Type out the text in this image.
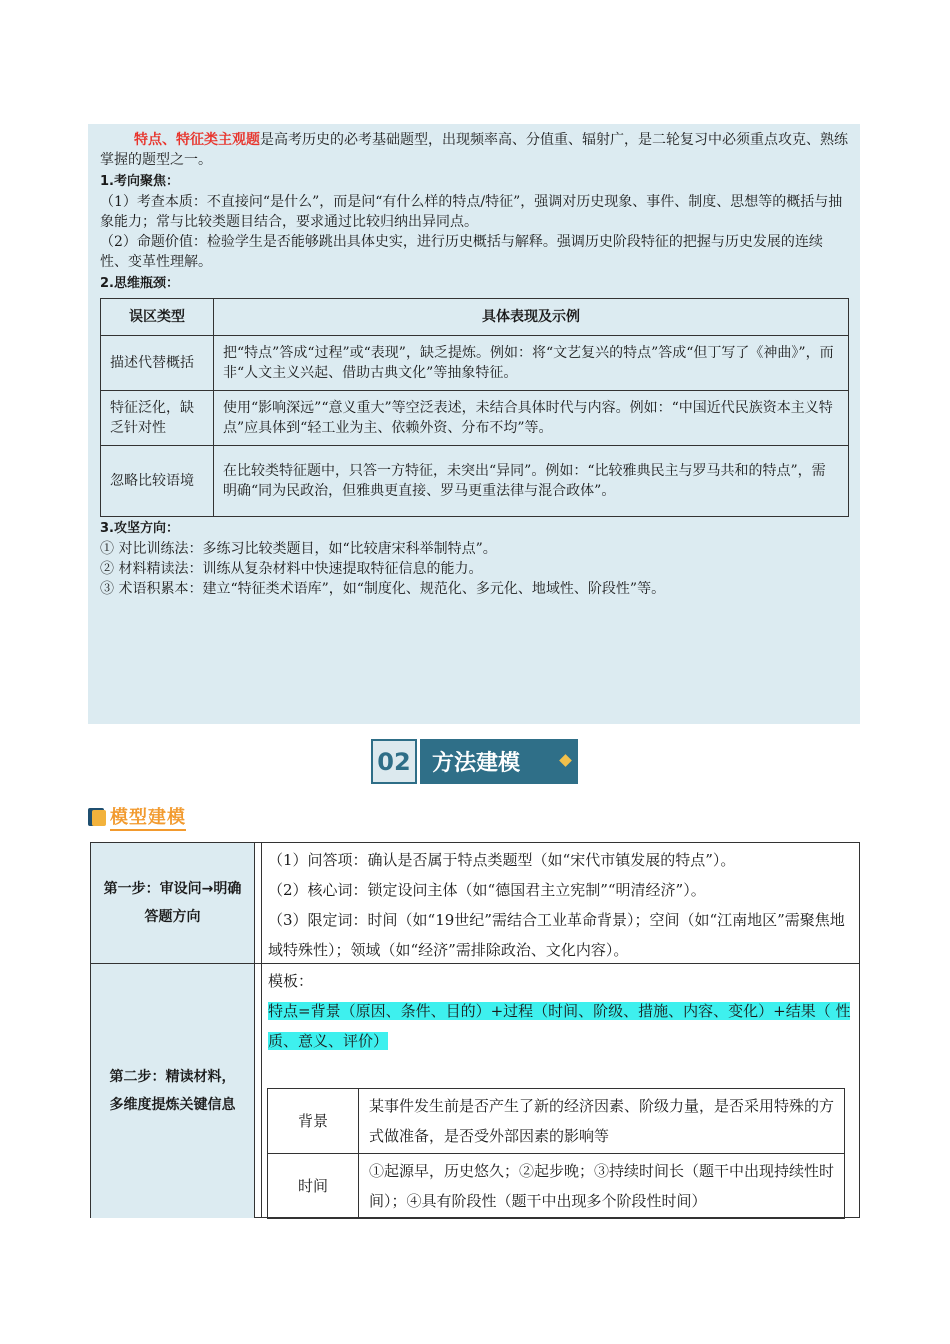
特点、特征类主观题是高考历史的必考基础题型，出现频率高、分值重、辐射广，是二轮复习中必须重点攻克、熟练掌握的题型之一。

1.考向聚焦：

（1）考查本质：不直接问“是什么”，而是问“有什么样的特点/特征”，强调对历史现象、事件、制度、思想等的概括与抽象能力；常与比较类题目结合，要求通过比较归纳出异同点。

（2）命题价值：检验学生是否能够跳出具体史实，进行历史概括与解释。强调历史阶段特征的把握与历史发展的连续性、变革性理解。

2.思维瓶颈：

误区类型	具体表现及示例
描述代替概括	把“特点”答成“过程”或“表现”，缺乏提炼。例如：将“文艺复兴的特点”答成“但丁写了《神曲》”，而非“人文主义兴起、借助古典文化”等抽象特征。
特征泛化，缺乏针对性	使用“影响深远”“意义重大”等空泛表述，未结合具体时代与内容。例如：“中国近代民族资本主义特点”应具体到“轻工业为主、依赖外资、分布不均”等。
忽略比较语境	在比较类特征题中，只答一方特征，未突出“异同”。例如：“比较雅典民主与罗马共和的特点”，需明确“同为民政治，但雅典更直接、罗马更重法律与混合政体”。

3.攻坚方向：

① 对比训练法：多练习比较类题目，如“比较唐宋科举制特点”。

② 材料精读法：训练从复杂材料中快速提取特征信息的能力。

③ 术语积累本：建立“特征类术语库”，如“制度化、规范化、多元化、地域性、阶段性”等。

02 方法建模
模型建模
第一步：审设问→明确答题方向

（1）问答项：确认是否属于特点类题型（如“宋代市镇发展的特点”）。

（2）核心词：锁定设问主体（如“德国君主立宪制”“明清经济”）。

（3）限定词：时间（如“19世纪”需结合工业革命背景）；空间（如“江南地区”需聚焦地域特殊性）；领域（如“经济”需排除政治、文化内容）。

第二步：精读材料，多维度提炼关键信息

模板：

特点=背景（原因、条件、目的）+过程（时间、阶级、措施、内容、变化）+结果（ 性质、意义、评价）

背景	某事件发生前是否产生了新的经济因素、阶级力量，是否采用特殊的方式做准备，是否受外部因素的影响等
时间	①起源早，历史悠久；②起步晚；③持续时间长（题干中出现持续性时间）；④具有阶段性（题干中出现多个阶段性时间）
